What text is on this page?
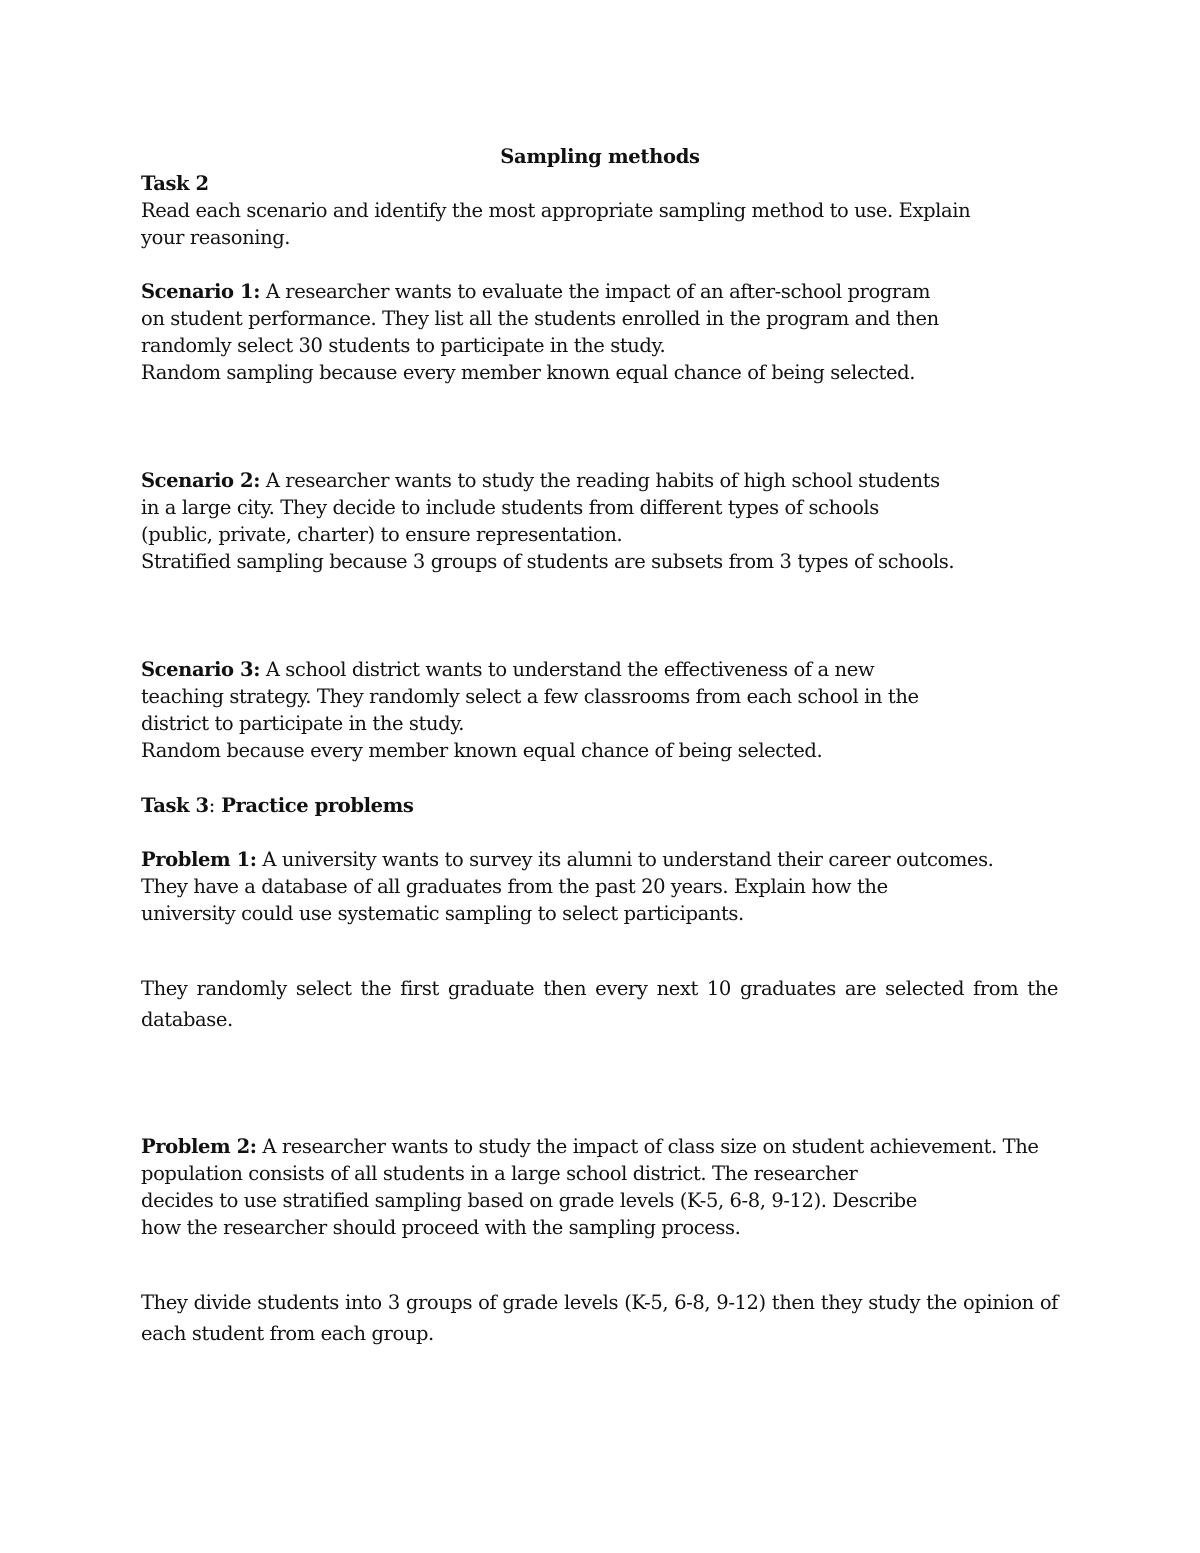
Sampling methods
Task 2
Read each scenario and identify the most appropriate sampling method to use. Explain
your reasoning.
Scenario 1: A researcher wants to evaluate the impact of an after-school program
on student performance. They list all the students enrolled in the program and then
randomly select 30 students to participate in the study.
Random sampling because every member known equal chance of being selected.
Scenario 2: A researcher wants to study the reading habits of high school students
in a large city. They decide to include students from different types of schools
(public, private, charter) to ensure representation.
Stratified sampling because 3 groups of students are subsets from 3 types of schools.
Scenario 3: A school district wants to understand the effectiveness of a new
teaching strategy. They randomly select a few classrooms from each school in the
district to participate in the study.
Random because every member known equal chance of being selected.
Task 3: Practice problems
Problem 1: A university wants to survey its alumni to understand their career outcomes.
They have a database of all graduates from the past 20 years. Explain how the
university could use systematic sampling to select participants.
They randomly select the first graduate then every next 10 graduates are selected from the
database.
Problem 2: A researcher wants to study the impact of class size on student achievement. The
population consists of all students in a large school district. The researcher
decides to use stratified sampling based on grade levels (K-5, 6-8, 9-12). Describe
how the researcher should proceed with the sampling process.
They divide students into 3 groups of grade levels (K-5, 6-8, 9-12) then they study the opinion of
each student from each group.
